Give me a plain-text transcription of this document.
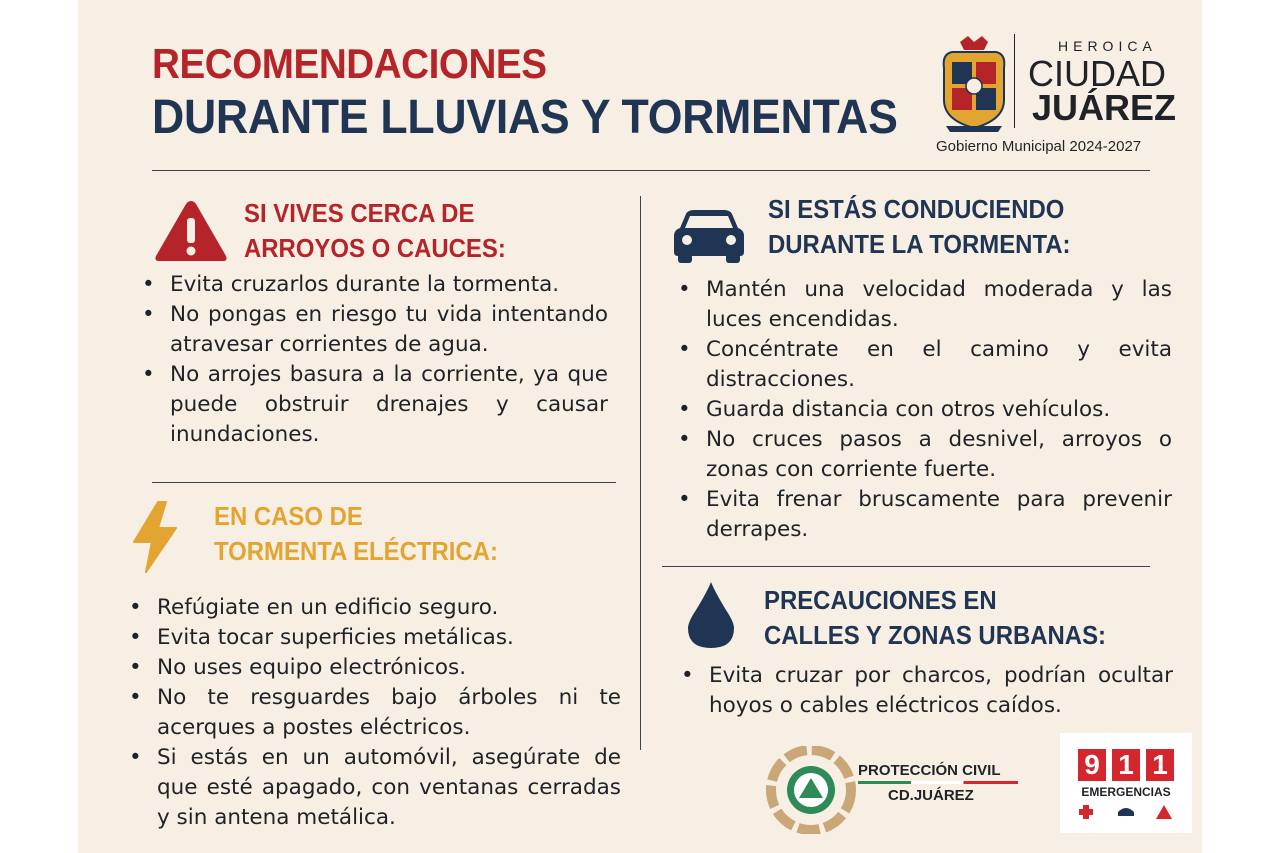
RECOMENDACIONES
DURANTE LLUVIAS Y TORMENTAS
HEROICA
CIUDAD
JUÁREZ
Gobierno Municipal 2024-2027
SI VIVES CERCA DE
ARROYOS O CAUCES:
• Evita cruzarlos durante la tormenta.
• No pongas en riesgo tu vida intentando atravesar corrientes de agua.
• No arrojes basura a la corriente, ya que puede obstruir drenajes y causar inundaciones.
EN CASO DE
TORMENTA ELÉCTRICA:
• Refúgiate en un edificio seguro.
• Evita tocar superficies metálicas.
• No uses equipo electrónicos.
• No te resguardes bajo árboles ni te acerques a postes eléctricos.
• Si estás en un automóvil, asegúrate de que esté apagado, con ventanas cerradas y sin antena metálica.
SI ESTÁS CONDUCIENDO
DURANTE LA TORMENTA:
• Mantén una velocidad moderada y las luces encendidas.
• Concéntrate en el camino y evita distracciones.
• Guarda distancia con otros vehículos.
• No cruces pasos a desnivel, arroyos o zonas con corriente fuerte.
• Evita frenar bruscamente para prevenir derrapes.
PRECAUCIONES EN
CALLES Y ZONAS URBANAS:
• Evita cruzar por charcos, podrían ocultar hoyos o cables eléctricos caídos.
PROTECCIÓN CIVIL
CD.JUÁREZ
9 1 1
EMERGENCIAS
